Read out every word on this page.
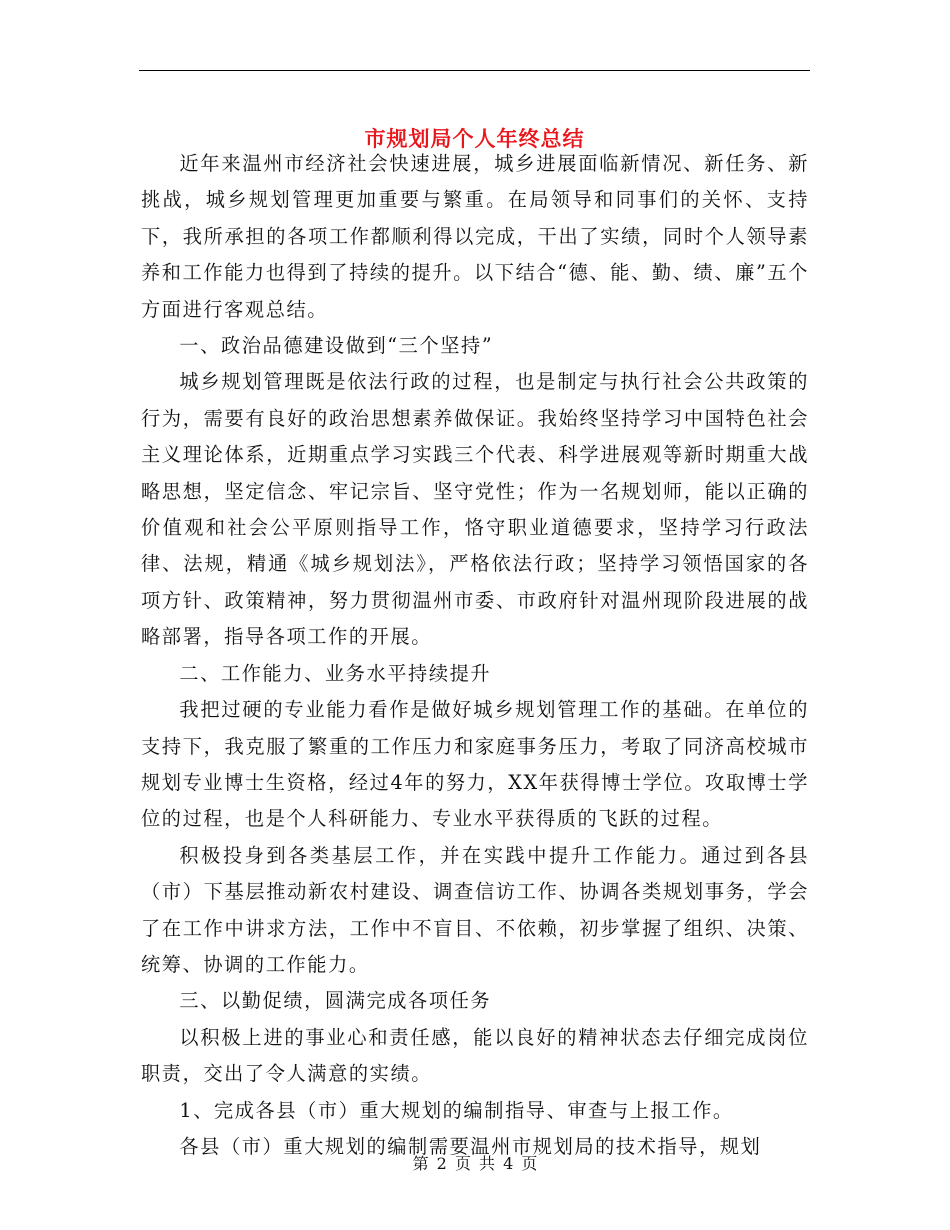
市规划局个人年终总结

近年来温州市经济社会快速进展，城乡进展面临新情况、新任务、新挑战，城乡规划管理更加重要与繁重。在局领导和同事们的关怀、支持下，我所承担的各项工作都顺利得以完成，干出了实绩，同时个人领导素养和工作能力也得到了持续的提升。以下结合“德、能、勤、绩、廉”五个方面进行客观总结。

一、政治品德建设做到“三个坚持”

城乡规划管理既是依法行政的过程，也是制定与执行社会公共政策的行为，需要有良好的政治思想素养做保证。我始终坚持学习中国特色社会主义理论体系，近期重点学习实践三个代表、科学进展观等新时期重大战略思想，坚定信念、牢记宗旨、坚守党性；作为一名规划师，能以正确的价值观和社会公平原则指导工作，恪守职业道德要求，坚持学习行政法律、法规，精通《城乡规划法》，严格依法行政；坚持学习领悟国家的各项方针、政策精神，努力贯彻温州市委、市政府针对温州现阶段进展的战略部署，指导各项工作的开展。

二、工作能力、业务水平持续提升

我把过硬的专业能力看作是做好城乡规划管理工作的基础。在单位的支持下，我克服了繁重的工作压力和家庭事务压力，考取了同济高校城市规划专业博士生资格，经过4年的努力，XX年获得博士学位。攻取博士学位的过程，也是个人科研能力、专业水平获得质的飞跃的过程。

积极投身到各类基层工作，并在实践中提升工作能力。通过到各县（市）下基层推动新农村建设、调查信访工作、协调各类规划事务，学会了在工作中讲求方法，工作中不盲目、不依赖，初步掌握了组织、决策、统筹、协调的工作能力。

三、以勤促绩，圆满完成各项任务

以积极上进的事业心和责任感，能以良好的精神状态去仔细完成岗位职责，交出了令人满意的实绩。

1、完成各县（市）重大规划的编制指导、审查与上报工作。

各县（市）重大规划的编制需要温州市规划局的技术指导，规划

第 2 页 共 4 页
